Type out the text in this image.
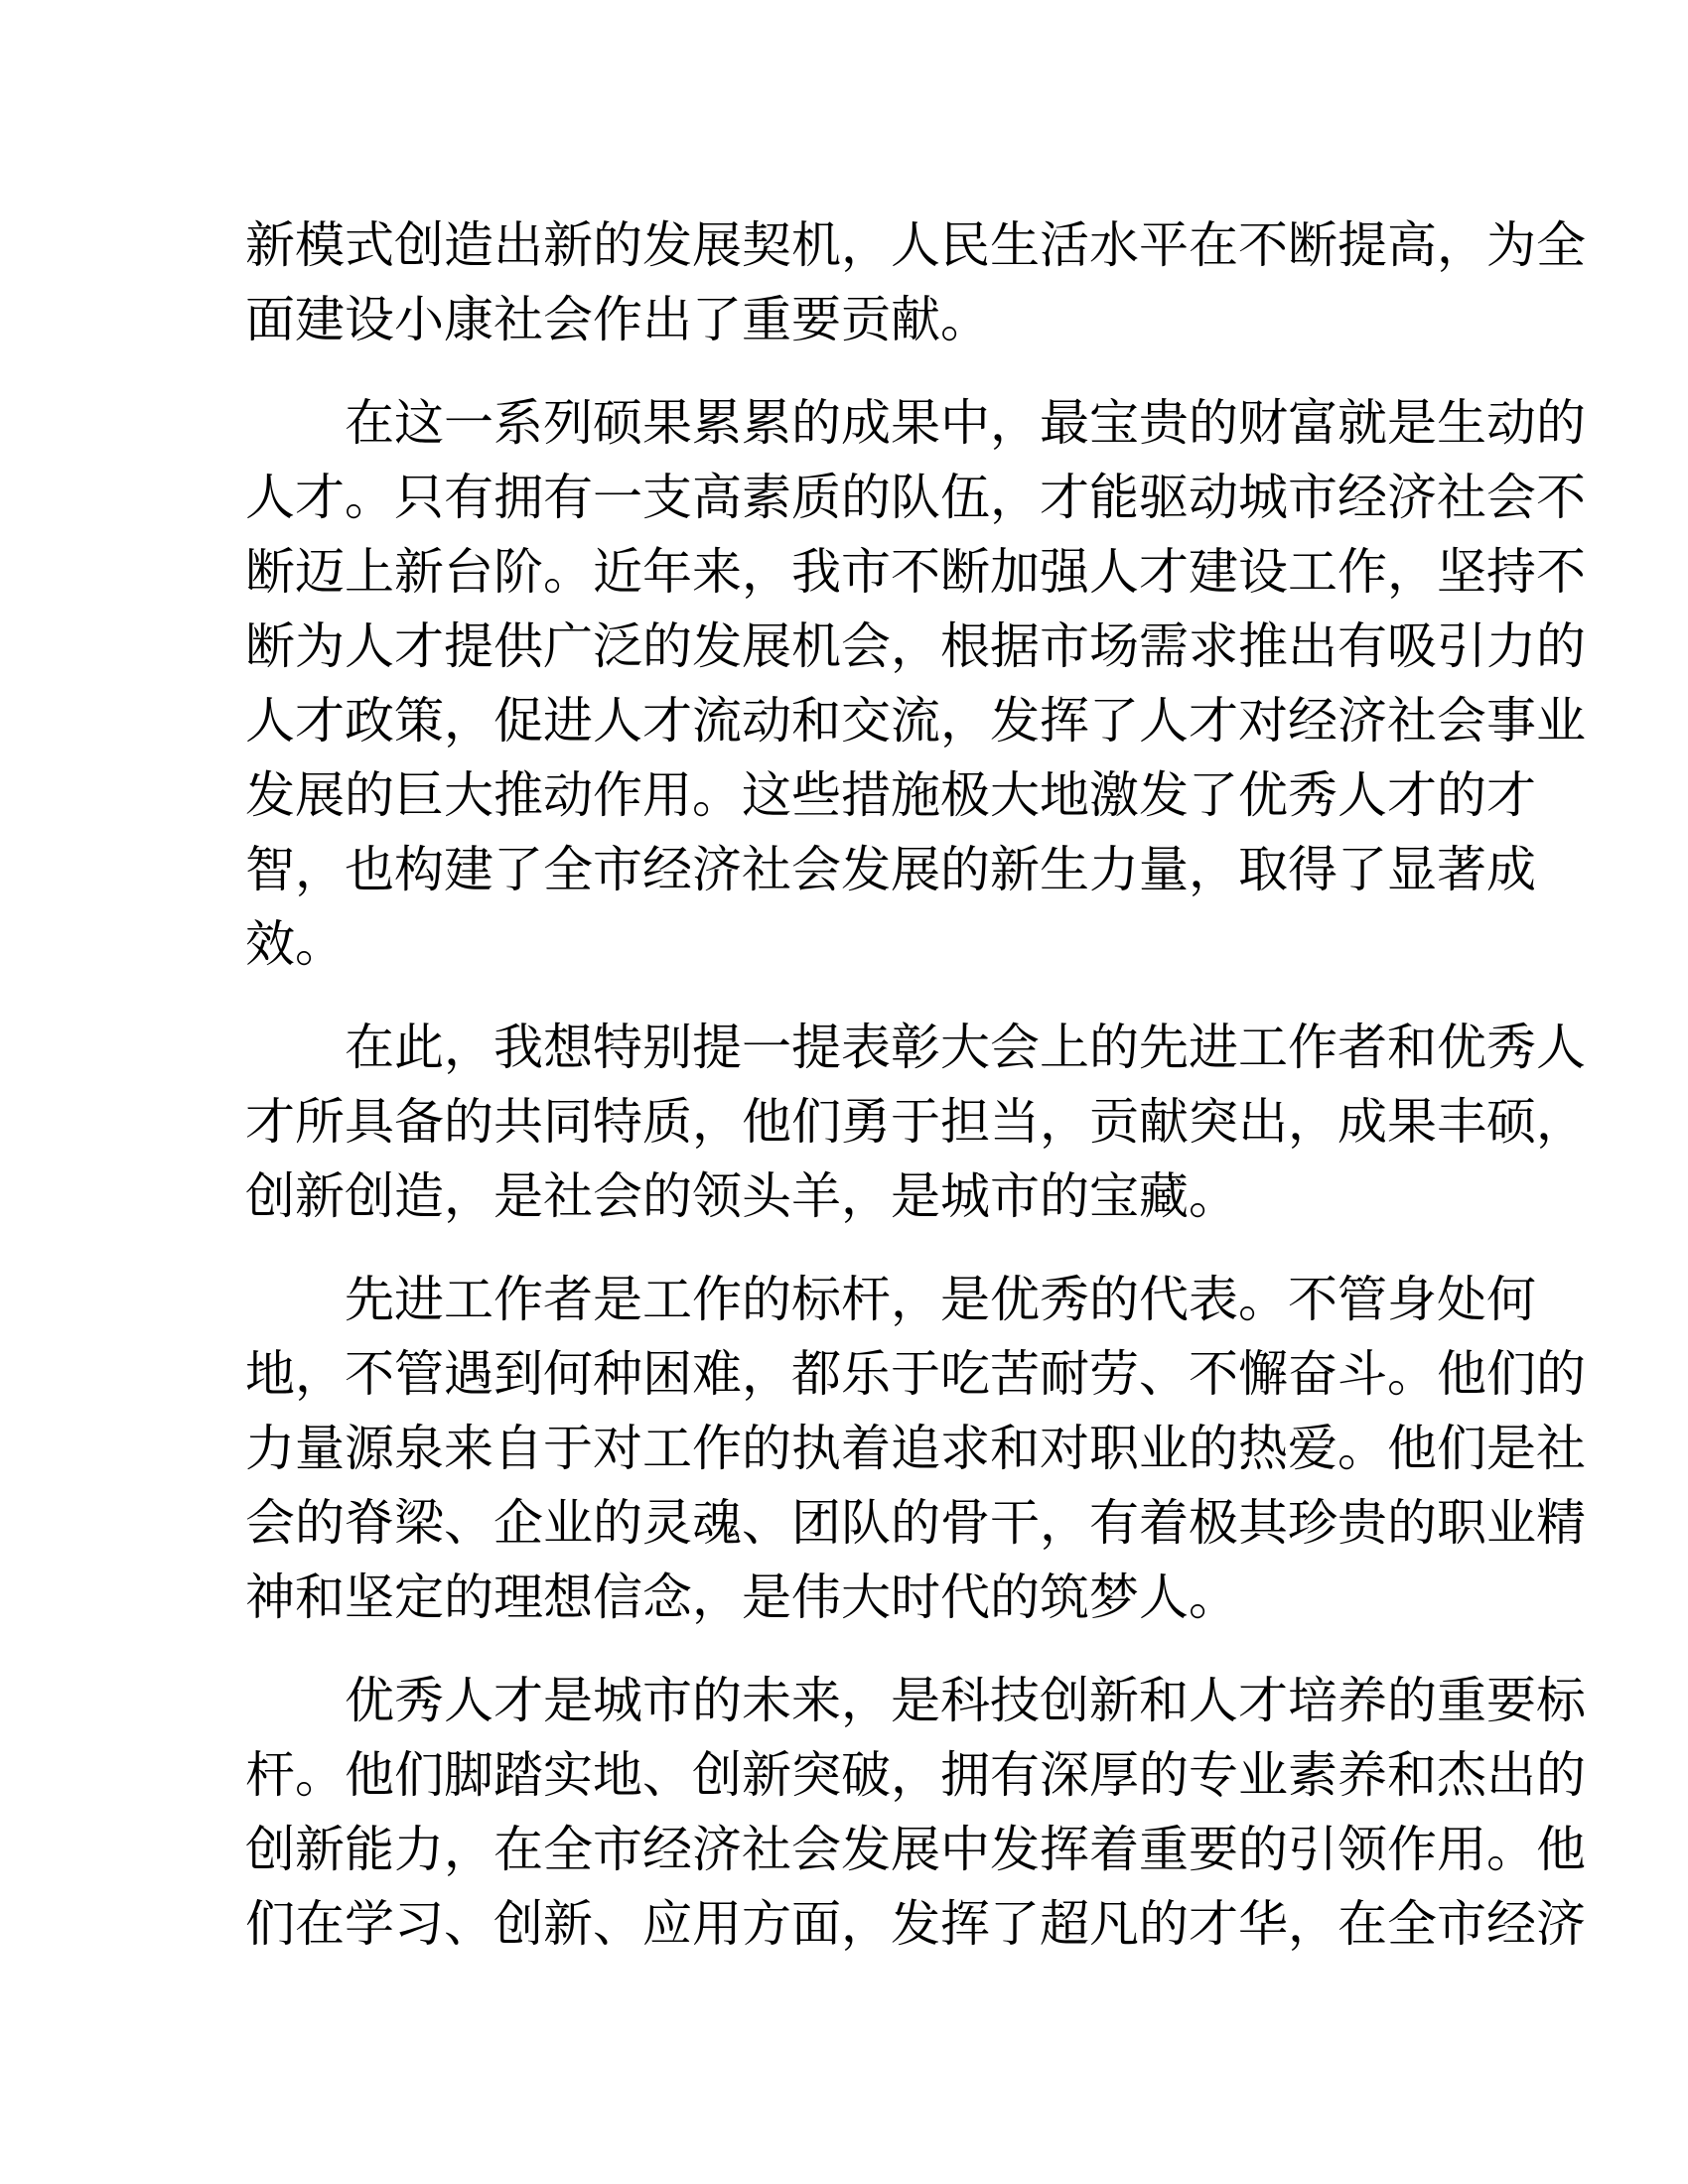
新模式创造出新的发展契机，人民生活水平在不断提高，为全
面建设小康社会作出了重要贡献。
在这一系列硕果累累的成果中，最宝贵的财富就是生动的
人才。只有拥有一支高素质的队伍，才能驱动城市经济社会不
断迈上新台阶。近年来，我市不断加强人才建设工作，坚持不
断为人才提供广泛的发展机会，根据市场需求推出有吸引力的
人才政策，促进人才流动和交流，发挥了人才对经济社会事业
发展的巨大推动作用。这些措施极大地激发了优秀人才的才
智，也构建了全市经济社会发展的新生力量，取得了显著成
效。
在此，我想特别提一提表彰大会上的先进工作者和优秀人
才所具备的共同特质，他们勇于担当，贡献突出，成果丰硕，
创新创造，是社会的领头羊，是城市的宝藏。
先进工作者是工作的标杆，是优秀的代表。不管身处何
地，不管遇到何种困难，都乐于吃苦耐劳、不懈奋斗。他们的
力量源泉来自于对工作的执着追求和对职业的热爱。他们是社
会的脊梁、企业的灵魂、团队的骨干，有着极其珍贵的职业精
神和坚定的理想信念，是伟大时代的筑梦人。
优秀人才是城市的未来，是科技创新和人才培养的重要标
杆。他们脚踏实地、创新突破，拥有深厚的专业素养和杰出的
创新能力，在全市经济社会发展中发挥着重要的引领作用。他
们在学习、创新、应用方面，发挥了超凡的才华，在全市经济
